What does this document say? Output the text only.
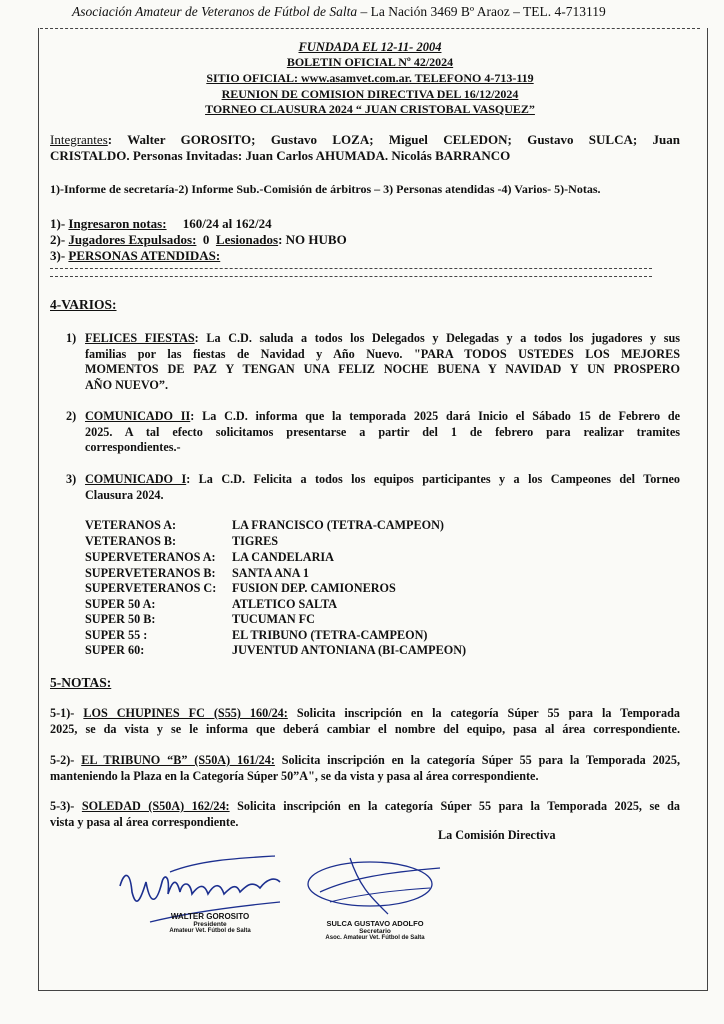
Asociación Amateur de Veteranos de Fútbol de Salta – La Nación 3469 Bº Araoz – TEL. 4-713119
FUNDADA EL 12-11- 2004
BOLETIN OFICIAL Nº 42/2024
SITIO OFICIAL: www.asamvet.com.ar. TELEFONO 4-713-119
REUNION DE COMISION DIRECTIVA DEL 16/12/2024
TORNEO CLAUSURA 2024 “ JUAN CRISTOBAL VASQUEZ”
Integrantes: Walter GOROSITO; Gustavo LOZA; Miguel CELEDON; Gustavo SULCA; Juan
CRISTALDO. Personas Invitadas: Juan Carlos AHUMADA. Nicolás BARRANCO
1)-Informe de secretaría-2) Informe Sub.-Comisión de árbitros – 3) Personas atendidas -4) Varios- 5)-Notas.
1)- Ingresaron notas:     160/24 al 162/24
2)- Jugadores Expulsados:  0  Lesionados: NO HUBO
3)- PERSONAS ATENDIDAS:
4-VARIOS:
1) FELICES FIESTAS: La C.D. saluda a todos los Delegados y Delegadas y a todos los jugadores y sus
familias por las fiestas de Navidad y Año Nuevo. "PARA TODOS USTEDES LOS MEJORES
MOMENTOS DE PAZ Y TENGAN UNA FELIZ NOCHE BUENA Y NAVIDAD Y UN PROSPERO
AÑO NUEVO”.
2) COMUNICADO II: La C.D. informa que la temporada 2025 dará Inicio el Sábado 15 de Febrero de
2025. A tal efecto solicitamos presentarse a partir del 1 de febrero para realizar tramites
correspondientes.-
3) COMUNICADO I: La C.D. Felicita a todos los equipos participantes y a los Campeones del Torneo
Clausura 2024.
VETERANOS A:	LA FRANCISCO (TETRA-CAMPEON)
VETERANOS B:	TIGRES
SUPERVETERANOS A: LA CANDELARIA
SUPERVETERANOS B: SANTA ANA 1
SUPERVETERANOS C: FUSION DEP. CAMIONEROS
SUPER 50 A:	ATLETICO SALTA
SUPER 50 B:	TUCUMAN FC
SUPER 55 :	EL TRIBUNO (TETRA-CAMPEON)
SUPER 60:	JUVENTUD ANTONIANA (BI-CAMPEON)
5-NOTAS:
5-1)- LOS CHUPINES FC (S55) 160/24: Solicita inscripción en la categoría Súper 55 para la Temporada
2025, se da vista y se le informa que deberá cambiar el nombre del equipo, pasa al área correspondiente.
5-2)- EL TRIBUNO “B” (S50A) 161/24: Solicita inscripción en la categoría Súper 55 para la Temporada 2025,
manteniendo la Plaza en la Categoría Súper 50”A", se da vista y pasa al área correspondiente.
5-3)- SOLEDAD (S50A) 162/24: Solicita inscripción en la categoría Súper 55 para la Temporada 2025, se da
vista y pasa al área correspondiente.
La Comisión Directiva
WALTER GOROSITO
Presidente
Amateur Vet. Fútbol de Salta
SULCA GUSTAVO ADOLFO
Secretario
Asoc. Amateur Vet. Fútbol de Salta
